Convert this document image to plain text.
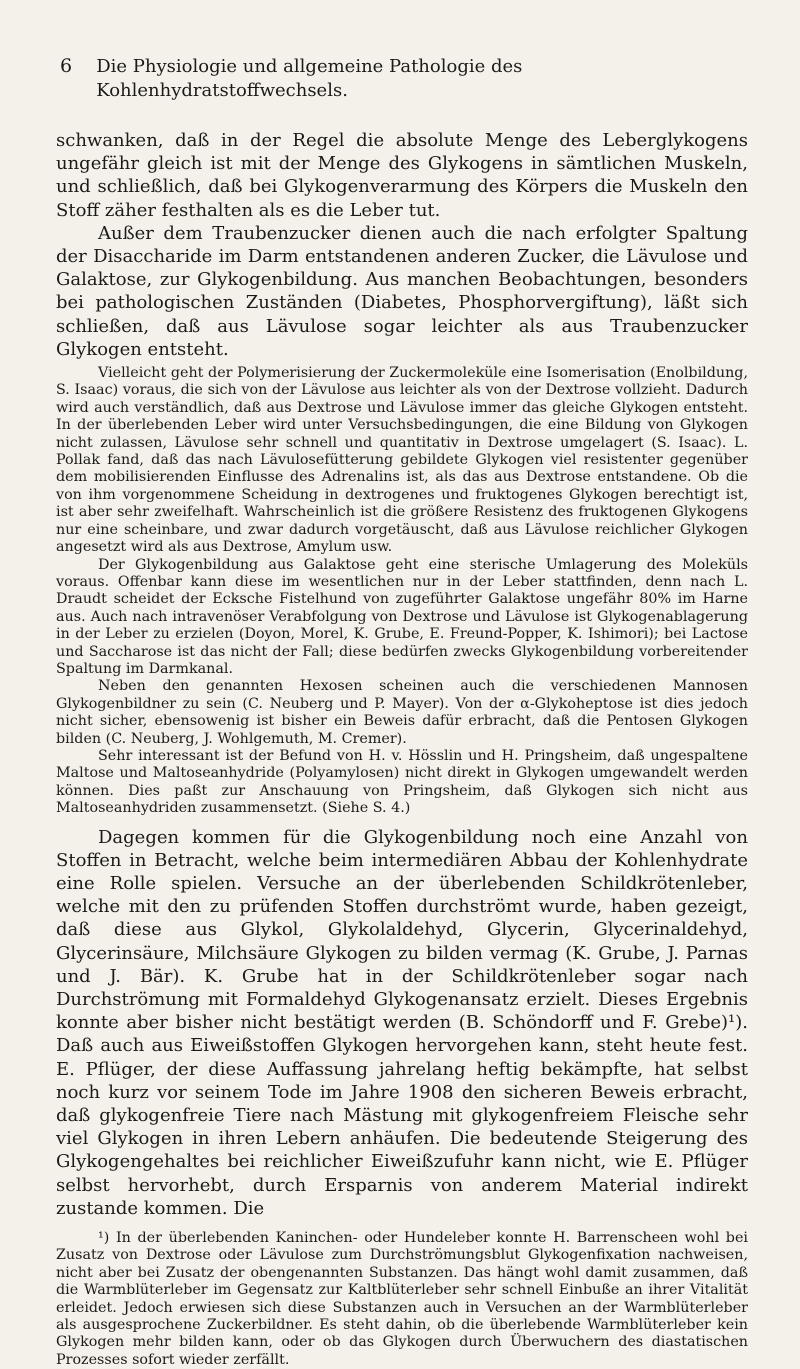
6	Die Physiologie und allgemeine Pathologie des Kohlenhydratstoffwechsels.

schwanken, daß in der Regel die absolute Menge des Leberglykogens ungefähr gleich ist mit der Menge des Glykogens in sämtlichen Muskeln, und schließlich, daß bei Glykogenverarmung des Körpers die Muskeln den Stoff zäher festhalten als es die Leber tut.

Außer dem Traubenzucker dienen auch die nach erfolgter Spaltung der Disaccharide im Darm entstandenen anderen Zucker, die Lävulose und Galaktose, zur Glykogenbildung. Aus manchen Beobachtungen, besonders bei pathologischen Zuständen (Diabetes, Phosphorvergiftung), läßt sich schließen, daß aus Lävulose sogar leichter als aus Traubenzucker Glykogen entsteht.

Vielleicht geht der Polymerisierung der Zuckermoleküle eine Isomerisation (Enolbildung, S. Isaac) voraus, die sich von der Lävulose aus leichter als von der Dextrose vollzieht. Dadurch wird auch verständlich, daß aus Dextrose und Lävulose immer das gleiche Glykogen entsteht. In der überlebenden Leber wird unter Versuchsbedingungen, die eine Bildung von Glykogen nicht zulassen, Lävulose sehr schnell und quantitativ in Dextrose umgelagert (S. Isaac). L. Pollak fand, daß das nach Lävulosefütterung gebildete Glykogen viel resistenter gegenüber dem mobilisierenden Einflusse des Adrenalins ist, als das aus Dextrose entstandene. Ob die von ihm vorgenommene Scheidung in dextrogenes und fruktogenes Glykogen berechtigt ist, ist aber sehr zweifelhaft. Wahrscheinlich ist die größere Resistenz des fruktogenen Glykogens nur eine scheinbare, und zwar dadurch vorgetäuscht, daß aus Lävulose reichlicher Glykogen angesetzt wird als aus Dextrose, Amylum usw.

Der Glykogenbildung aus Galaktose geht eine sterische Umlagerung des Moleküls voraus. Offenbar kann diese im wesentlichen nur in der Leber stattfinden, denn nach L. Draudt scheidet der Ecksche Fistelhund von zugeführter Galaktose ungefähr 80% im Harne aus. Auch nach intravenöser Verabfolgung von Dextrose und Lävulose ist Glykogenablagerung in der Leber zu erzielen (Doyon, Morel, K. Grube, E. Freund-Popper, K. Ishimori); bei Lactose und Saccharose ist das nicht der Fall; diese bedürfen zwecks Glykogenbildung vorbereitender Spaltung im Darmkanal.

Neben den genannten Hexosen scheinen auch die verschiedenen Mannosen Glykogenbildner zu sein (C. Neuberg und P. Mayer). Von der α-Glykoheptose ist dies jedoch nicht sicher, ebensowenig ist bisher ein Beweis dafür erbracht, daß die Pentosen Glykogen bilden (C. Neuberg, J. Wohlgemuth, M. Cremer).

Sehr interessant ist der Befund von H. v. Hösslin und H. Pringsheim, daß ungespaltene Maltose und Maltoseanhydride (Polyamylosen) nicht direkt in Glykogen umgewandelt werden können. Dies paßt zur Anschauung von Pringsheim, daß Glykogen sich nicht aus Maltoseanhydriden zusammensetzt. (Siehe S. 4.)

Dagegen kommen für die Glykogenbildung noch eine Anzahl von Stoffen in Betracht, welche beim intermediären Abbau der Kohlenhydrate eine Rolle spielen. Versuche an der überlebenden Schildkrötenleber, welche mit den zu prüfenden Stoffen durchströmt wurde, haben gezeigt, daß diese aus Glykol, Glykolaldehyd, Glycerin, Glycerinaldehyd, Glycerinsäure, Milchsäure Glykogen zu bilden vermag (K. Grube, J. Parnas und J. Bär). K. Grube hat in der Schildkrötenleber sogar nach Durchströmung mit Formaldehyd Glykogenansatz erzielt. Dieses Ergebnis konnte aber bisher nicht bestätigt werden (B. Schöndorff und F. Grebe)¹). Daß auch aus Eiweißstoffen Glykogen hervorgehen kann, steht heute fest. E. Pflüger, der diese Auffassung jahrelang heftig bekämpfte, hat selbst noch kurz vor seinem Tode im Jahre 1908 den sicheren Beweis erbracht, daß glykogenfreie Tiere nach Mästung mit glykogenfreiem Fleische sehr viel Glykogen in ihren Lebern anhäufen. Die bedeutende Steigerung des Glykogengehaltes bei reichlicher Eiweißzufuhr kann nicht, wie E. Pflüger selbst hervorhebt, durch Ersparnis von anderem Material indirekt zustande kommen. Die

¹) In der überlebenden Kaninchen- oder Hundeleber konnte H. Barrenscheen wohl bei Zusatz von Dextrose oder Lävulose zum Durchströmungsblut Glykogenfixation nachweisen, nicht aber bei Zusatz der obengenannten Substanzen. Das hängt wohl damit zusammen, daß die Warmblüterleber im Gegensatz zur Kaltblüterleber sehr schnell Einbuße an ihrer Vitalität erleidet. Jedoch erwiesen sich diese Substanzen auch in Versuchen an der Warmblüterleber als ausgesprochene Zuckerbildner. Es steht dahin, ob die überlebende Warmblüterleber kein Glykogen mehr bilden kann, oder ob das Glykogen durch Überwuchern des diastatischen Prozesses sofort wieder zerfällt.
